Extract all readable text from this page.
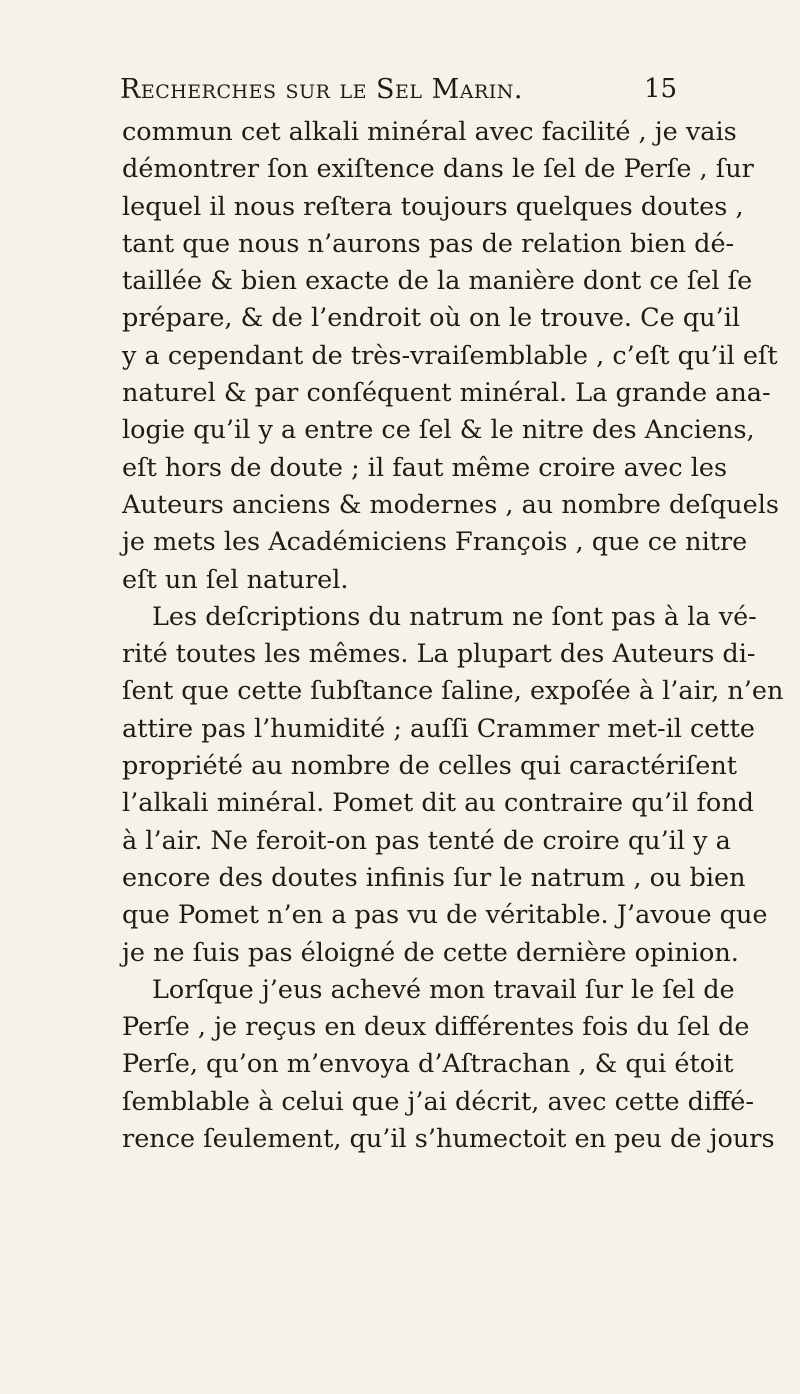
Recherches sur le Sel Marin.	15
commun cet alkali minéral avec facilité , je vais
démontrer ſon exiſtence dans le ſel de Perſe , ſur
lequel il nous reſtera toujours quelques doutes ,
tant que nous n’aurons pas de relation bien dé-
taillée & bien exacte de la manière dont ce ſel ſe
prépare, & de l’endroit où on le trouve. Ce qu’il
y a cependant de très-vraiſemblable , c’eſt qu’il eſt
naturel & par conſéquent minéral. La grande ana-
logie qu’il y a entre ce ſel & le nitre des Anciens,
eſt hors de doute ; il faut même croire avec les
Auteurs anciens & modernes , au nombre deſquels
je mets les Académiciens François , que ce nitre
eſt un ſel naturel.
Les deſcriptions du natrum ne ſont pas à la vé-
rité toutes les mêmes. La plupart des Auteurs di-
ſent que cette ſubſtance ſaline, expoſée à l’air, n’en
attire pas l’humidité ; auſſi Crammer met-il cette
propriété au nombre de celles qui caractériſent
l’alkali minéral. Pomet dit au contraire qu’il fond
à l’air. Ne feroit-on pas tenté de croire qu’il y a
encore des doutes infinis ſur le natrum , ou bien
que Pomet n’en a pas vu de véritable. J’avoue que
je ne ſuis pas éloigné de cette dernière opinion.
Lorſque j’eus achevé mon travail ſur le ſel de
Perſe , je reçus en deux différentes fois du ſel de
Perſe, qu’on m’envoya d’Aſtrachan , & qui étoit
ſemblable à celui que j’ai décrit, avec cette diffé-
rence ſeulement, qu’il s’humectoit en peu de jours
